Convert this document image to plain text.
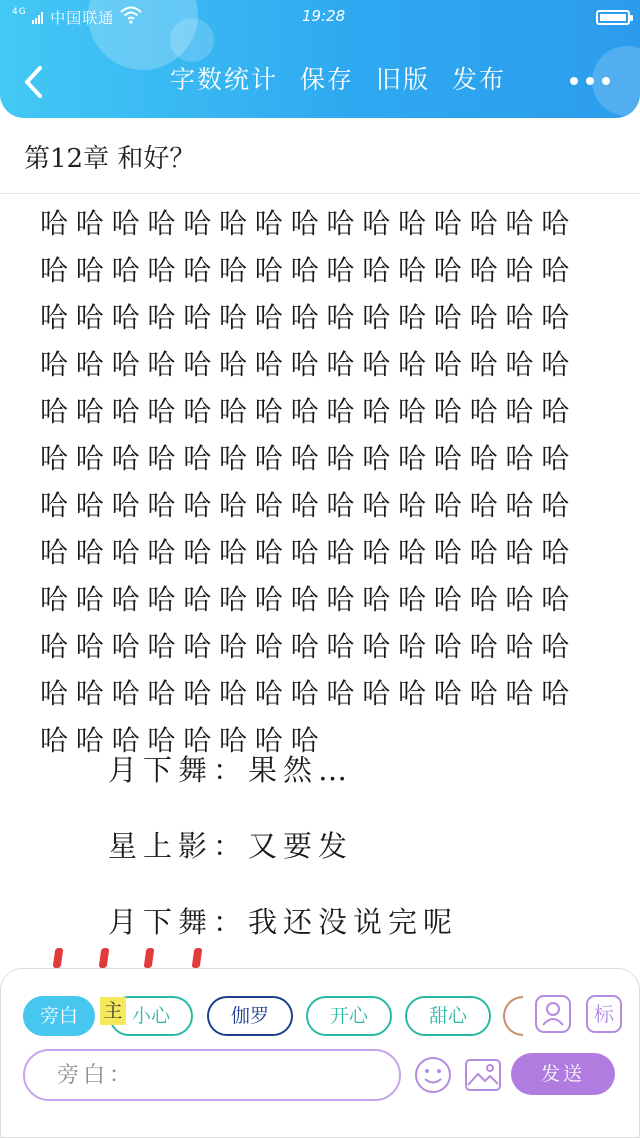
$^{4G}$ 中国联通	19:28
字数统计 保存 旧版 发布
第12章 和好？
哈哈哈哈哈哈哈哈哈哈哈哈哈哈哈哈哈哈哈哈哈哈哈哈哈哈哈哈哈哈哈哈哈哈哈哈哈哈哈哈哈哈哈哈哈哈哈哈哈哈哈哈哈哈哈哈哈哈哈哈哈哈哈哈哈哈哈哈哈哈哈哈哈哈哈哈哈哈哈哈哈哈哈哈哈哈哈哈哈哈哈哈哈哈哈哈哈哈哈哈哈哈哈哈哈哈哈哈哈哈哈哈哈哈哈哈哈哈哈哈哈哈哈哈哈哈哈哈哈哈哈哈哈哈哈哈哈哈哈哈哈哈哈哈哈哈哈哈哈哈哈哈哈哈哈哈哈哈哈哈哈哈哈哈哈哈哈哈哈哈哈哈哈
月下舞：果然…
星上影：又要发
月下舞：我还没说完呢
旁白	小心
主	伽罗	开心	甜心	标
旁白：
发送
